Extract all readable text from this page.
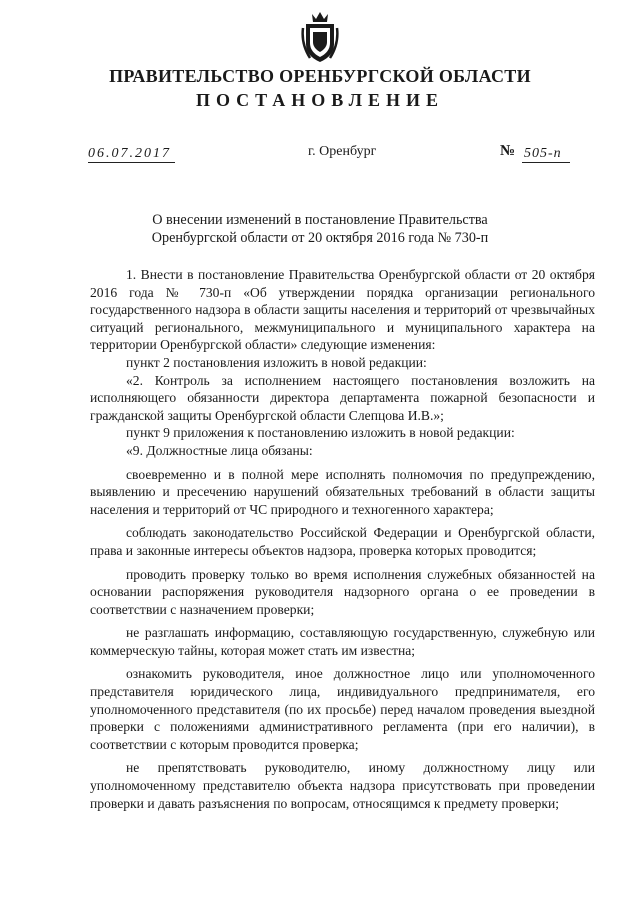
ПРАВИТЕЛЬСТВО ОРЕНБУРГСКОЙ ОБЛАСТИ
ПОСТАНОВЛЕНИЕ
06.07.2017	г. Оренбург	№ 505-п
О внесении изменений в постановление Правительства Оренбургской области от 20 октября 2016 года № 730-п

1. Внести в постановление Правительства Оренбургской области от 20 октября 2016 года № 730-п «Об утверждении порядка организации регионального государственного надзора в области защиты населения и территорий от чрезвычайных ситуаций регионального, межмуниципального и муниципального характера на территории Оренбургской области» следующие изменения:

пункт 2 постановления изложить в новой редакции:

«2. Контроль за исполнением настоящего постановления возложить на исполняющего обязанности директора департамента пожарной безопасности и гражданской защиты Оренбургской области Слепцова И.В.»;

пункт 9 приложения к постановлению изложить в новой редакции:

«9. Должностные лица обязаны:

своевременно и в полной мере исполнять полномочия по предупреждению, выявлению и пресечению нарушений обязательных требований в области защиты населения и территорий от ЧС природного и техногенного характера;

соблюдать законодательство Российской Федерации и Оренбургской области, права и законные интересы объектов надзора, проверка которых проводится;

проводить проверку только во время исполнения служебных обязанностей на основании распоряжения руководителя надзорного органа о ее проведении в соответствии с назначением проверки;

не разглашать информацию, составляющую государственную, служебную или коммерческую тайны, которая может стать им известна;

ознакомить руководителя, иное должностное лицо или уполномоченного представителя юридического лица, индивидуального предпринимателя, его уполномоченного представителя (по их просьбе) перед началом проведения выездной проверки с положениями административного регламента (при его наличии), в соответствии с которым проводится проверка;

не препятствовать руководителю, иному должностному лицу или уполномоченному представителю объекта надзора присутствовать при проведении проверки и давать разъяснения по вопросам, относящимся к предмету проверки;
